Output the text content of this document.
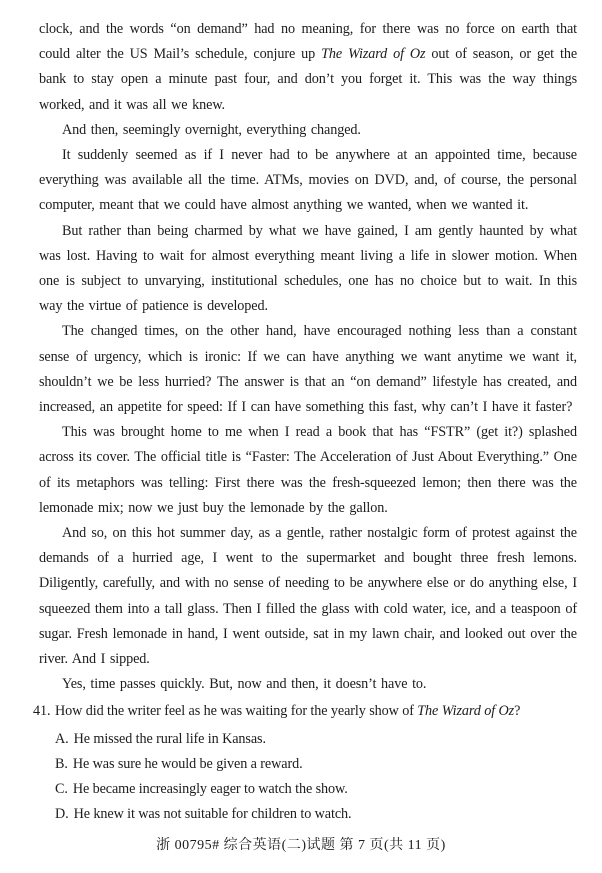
clock, and the words “on demand” had no meaning, for there was no force on earth that could alter the US Mail’s schedule, conjure up The Wizard of Oz out of season, or get the bank to stay open a minute past four, and don’t you forget it. This was the way things worked, and it was all we knew.

And then, seemingly overnight, everything changed.

It suddenly seemed as if I never had to be anywhere at an appointed time, because everything was available all the time. ATMs, movies on DVD, and, of course, the personal computer, meant that we could have almost anything we wanted, when we wanted it.

But rather than being charmed by what we have gained, I am gently haunted by what was lost. Having to wait for almost everything meant living a life in slower motion. When one is subject to unvarying, institutional schedules, one has no choice but to wait. In this way the virtue of patience is developed.

The changed times, on the other hand, have encouraged nothing less than a constant sense of urgency, which is ironic: If we can have anything we want anytime we want it, shouldn’t we be less hurried? The answer is that an “on demand” lifestyle has created, and increased, an appetite for speed: If I can have something this fast, why can’t I have it faster?

This was brought home to me when I read a book that has “FSTR” (get it?) splashed across its cover. The official title is “Faster: The Acceleration of Just About Everything.” One of its metaphors was telling: First there was the fresh-squeezed lemon; then there was the lemonade mix; now we just buy the lemonade by the gallon.

And so, on this hot summer day, as a gentle, rather nostalgic form of protest against the demands of a hurried age, I went to the supermarket and bought three fresh lemons. Diligently, carefully, and with no sense of needing to be anywhere else or do anything else, I squeezed them into a tall glass. Then I filled the glass with cold water, ice, and a teaspoon of sugar. Fresh lemonade in hand, I went outside, sat in my lawn chair, and looked out over the river. And I sipped.

Yes, time passes quickly. But, now and then, it doesn’t have to.

41. How did the writer feel as he was waiting for the yearly show of The Wizard of Oz?
A. He missed the rural life in Kansas.
B. He was sure he would be given a reward.
C. He became increasingly eager to watch the show.
D. He knew it was not suitable for children to watch.
浙 00795# 综合英语(二)试题 第 7 页(共 11 页)
